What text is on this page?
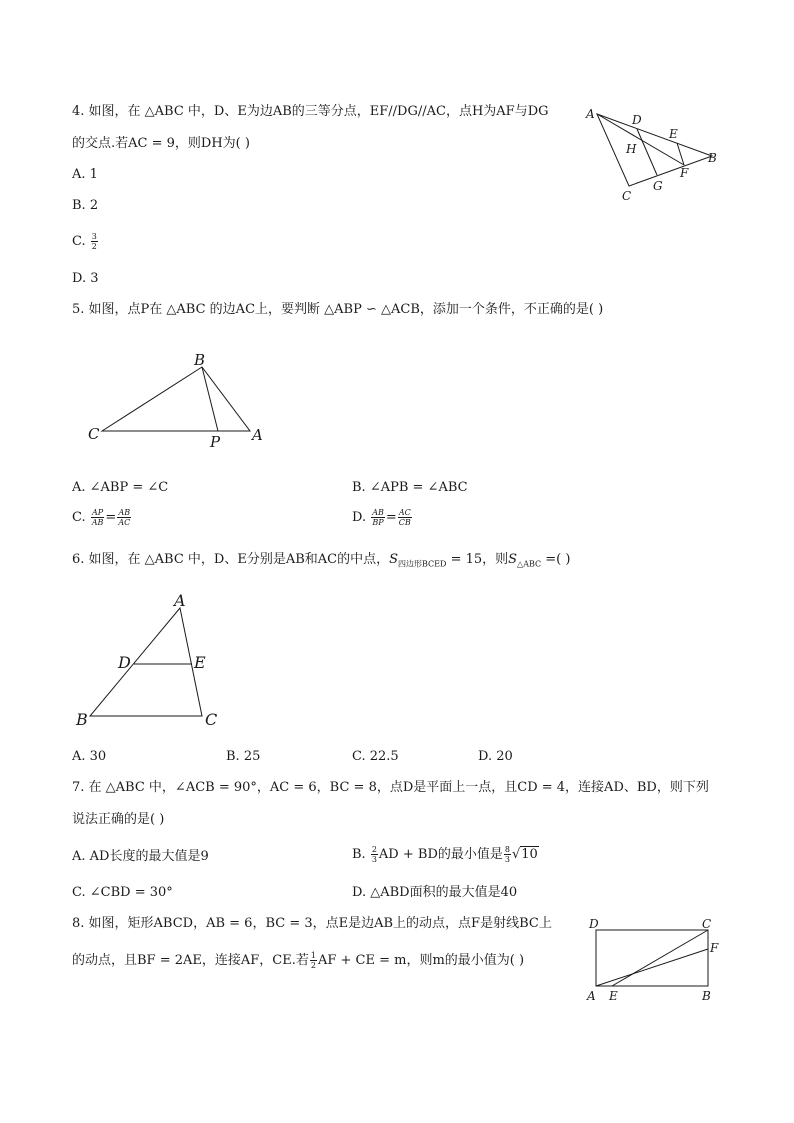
4. 如图，在 △ABC 中，D、E为边AB的三等分点，EF//DG//AC，点H为AF与DG
的交点.若AC = 9，则DH为( )
A. 1
B. 2
C. $\frac{3}{2}$
D. 3
A	D
E
B
H
F
G
C
5. 如图，点P在 △ABC 的边AC上，要判断 △ABP ∽ △ACB，添加一个条件，不正确的是( )
C
B
P A
A. ∠ABP = ∠C	B. ∠APB = ∠ABC
C. $\frac{AP}{AB} = \frac{AB}{AC}$	D. $\frac{AB}{BP} = \frac{AC}{CB}$
6. 如图，在 △ABC 中，D、E分别是AB和AC的中点，$S_{四边形BCED} = 15$，则$S_{\triangle ABC}$ =( )
A
D	E
B	C
A. 30	B. 25	C. 22.5	D. 20
7. 在 △ABC 中，∠ACB = 90°，AC = 6，BC = 8，点D是平面上一点，且CD = 4，连接AD、BD，则下列
说法正确的是( )
A. AD长度的最大值是9	B. $\frac{2}{3}$ AD + BD的最小值是 $\frac{8}{3} √10$
C. ∠CBD = 30°	D. △ABD面积的最大值是40
8. 如图，矩形ABCD，AB = 6，BC = 3，点E是边AB上的动点，点F是射线BC上
的动点，且BF = 2AE，连接AF，CE.若 $\frac{1}{2}$ AF + CE = m，则m的最小值为( )
D	C
F
A E	B
